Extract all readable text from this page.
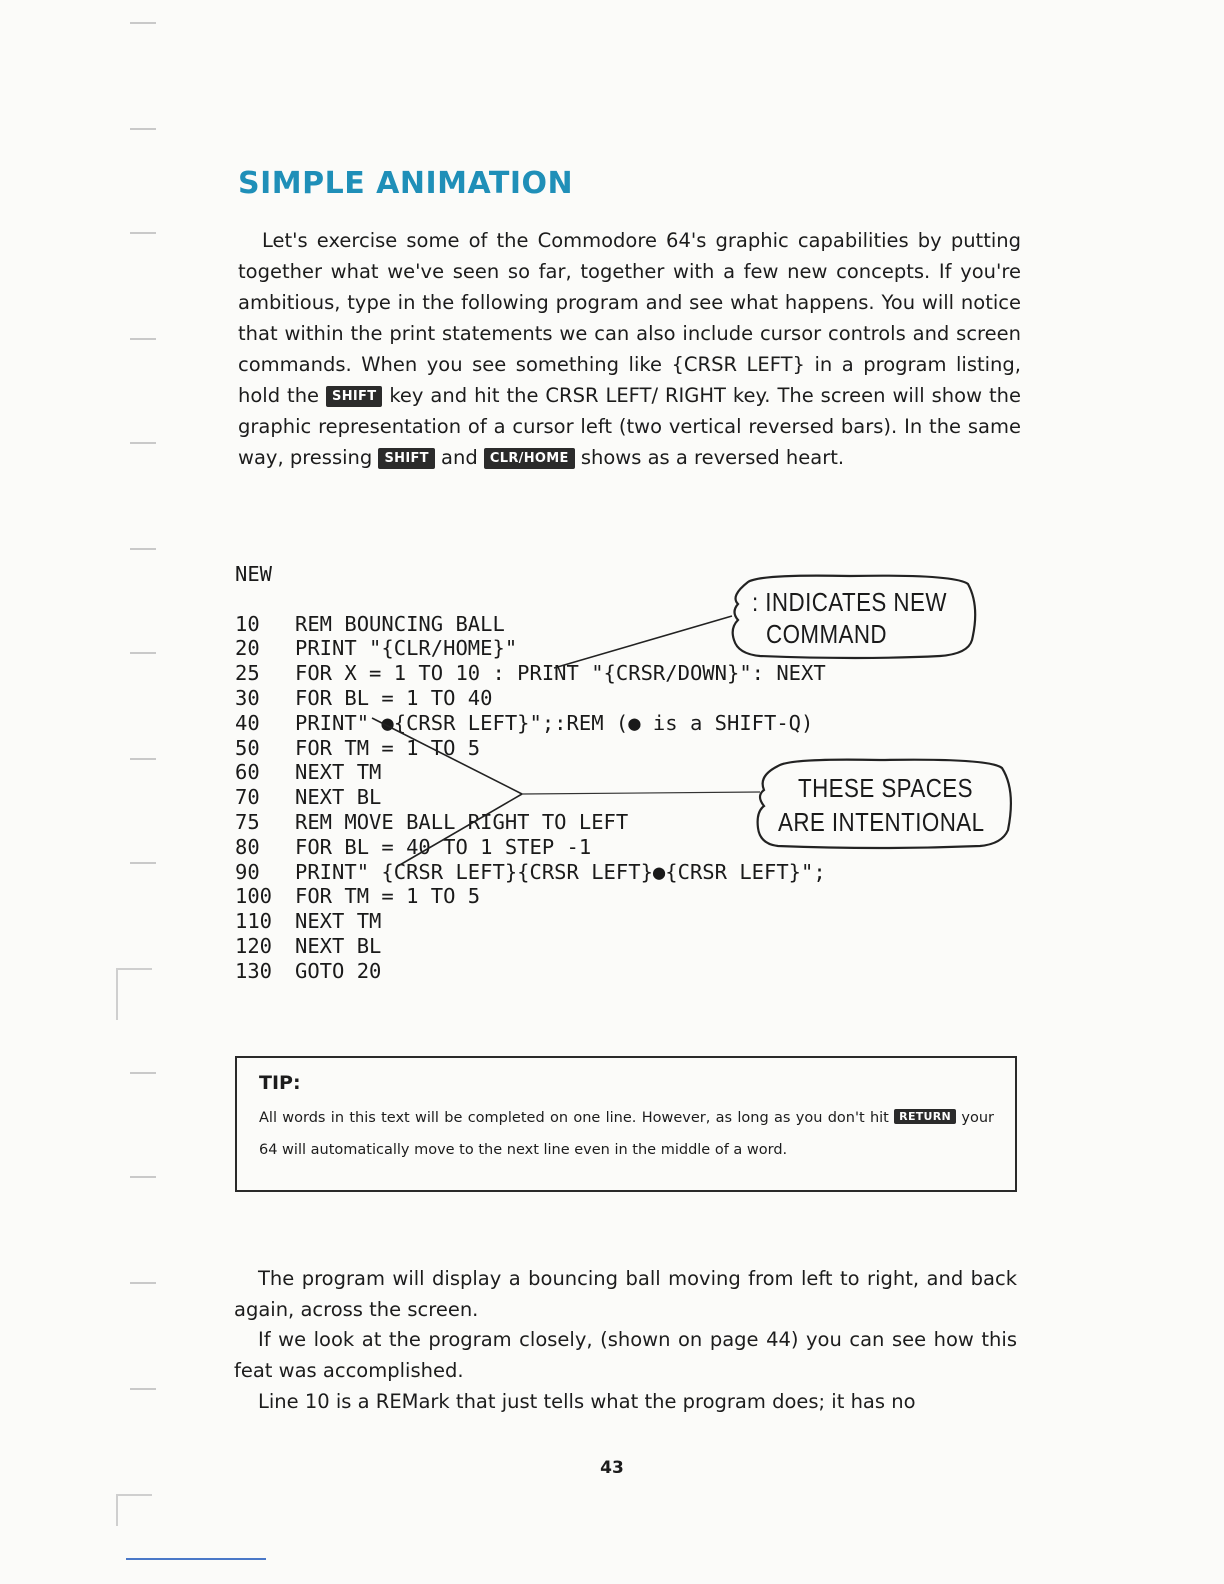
SIMPLE ANIMATION

Let's exercise some of the Commodore 64's graphic capabilities by putting together what we've seen so far, together with a few new concepts. If you're ambitious, type in the following program and see what happens. You will notice that within the print statements we can also include cursor controls and screen commands. When you see something like {CRSR LEFT} in a program listing, hold the SHIFT key and hit the CRSR LEFT/ RIGHT key. The screen will show the graphic representation of a cursor left (two vertical reversed bars). In the same way, pressing SHIFT and CLR/HOME shows as a reversed heart.

NEW
10 REM BOUNCING BALL
20 PRINT "{CLR/HOME}"
25 FOR X = 1 TO 10 : PRINT "{CRSR/DOWN}": NEXT
30 FOR BL = 1 TO 40
40 PRINT" ●{CRSR LEFT}";:REM (● is a SHIFT-Q)
50 FOR TM = 1 TO 5
60 NEXT TM
70 NEXT BL
75 REM MOVE BALL RIGHT TO LEFT
80 FOR BL = 40 TO 1 STEP -1
90 PRINT" {CRSR LEFT}{CRSR LEFT}●{CRSR LEFT}";
100 FOR TM = 1 TO 5
110 NEXT TM
120 NEXT BL
130 GOTO 20
: INDICATES NEW
COMMAND
THESE SPACES
ARE INTENTIONAL
TIP:

All words in this text will be completed on one line. However, as long as you don't hit RETURN your 64 will automatically move to the next line even in the middle of a word.

The program will display a bouncing ball moving from left to right, and back again, across the screen.

If we look at the program closely, (shown on page 44) you can see how this feat was accomplished.

Line 10 is a REMark that just tells what the program does; it has no

43
